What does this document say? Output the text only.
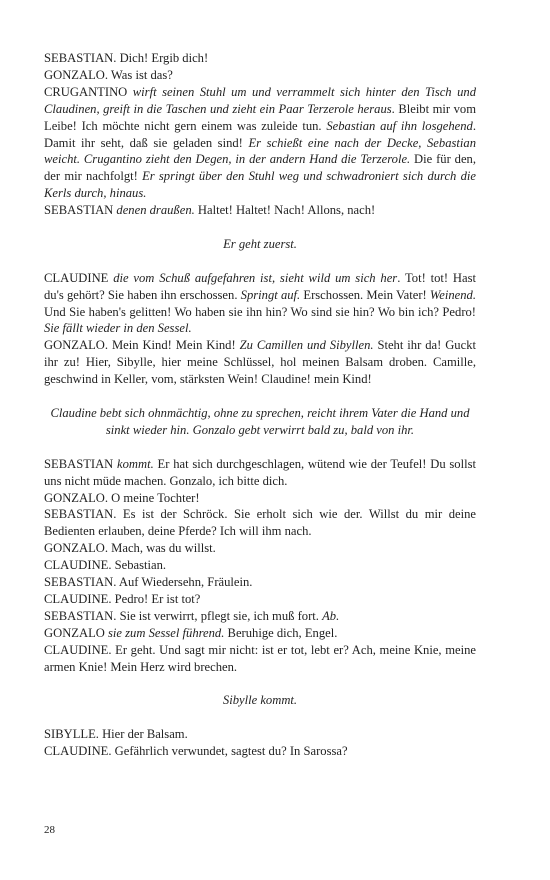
SEBASTIAN. Dich! Ergib dich!

GONZALO. Was ist das?

CRUGANTINO wirft seinen Stuhl um und verrammelt sich hinter den Tisch und Claudinen, greift in die Taschen und zieht ein Paar Terzerole heraus. Bleibt mir vom Leibe! Ich möchte nicht gern einem was zuleide tun. Sebastian auf ihn losgehend. Damit ihr seht, daß sie geladen sind! Er schießt eine nach der Decke, Sebastian weicht. Crugantino zieht den Degen, in der andern Hand die Terzerole. Die für den, der mir nachfolgt! Er springt über den Stuhl weg und schwadroniert sich durch die Kerls durch, hinaus.

SEBASTIAN denen draußen. Haltet! Haltet! Nach! Allons, nach!

Er geht zuerst.

CLAUDINE die vom Schuß aufgefahren ist, sieht wild um sich her. Tot! tot! Hast du's gehört? Sie haben ihn erschossen. Springt auf. Erschossen. Mein Vater! Weinend. Und Sie haben's gelitten! Wo haben sie ihn hin? Wo sind sie hin? Wo bin ich? Pedro! Sie fällt wieder in den Sessel.

GONZALO. Mein Kind! Mein Kind! Zu Camillen und Sibyllen. Steht ihr da! Guckt ihr zu! Hier, Sibylle, hier meine Schlüssel, hol meinen Balsam droben. Camille, geschwind in Keller, vom, stärksten Wein! Claudine! mein Kind!

Claudine bebt sich ohnmächtig, ohne zu sprechen, reicht ihrem Vater die Hand und sinkt wieder hin. Gonzalo gebt verwirrt bald zu, bald von ihr.

SEBASTIAN kommt. Er hat sich durchgeschlagen, wütend wie der Teufel! Du sollst uns nicht müde machen. Gonzalo, ich bitte dich.

GONZALO. O meine Tochter!

SEBASTIAN. Es ist der Schröck. Sie erholt sich wie der. Willst du mir deine Bedienten erlauben, deine Pferde? Ich will ihm nach.

GONZALO. Mach, was du willst.

CLAUDINE. Sebastian.

SEBASTIAN. Auf Wiedersehn, Fräulein.

CLAUDINE. Pedro! Er ist tot?

SEBASTIAN. Sie ist verwirrt, pflegt sie, ich muß fort. Ab.

GONZALO sie zum Sessel führend. Beruhige dich, Engel.

CLAUDINE. Er geht. Und sagt mir nicht: ist er tot, lebt er? Ach, meine Knie, meine armen Knie! Mein Herz wird brechen.

Sibylle kommt.

SIBYLLE. Hier der Balsam.

CLAUDINE. Gefährlich verwundet, sagtest du? In Sarossa?

28
